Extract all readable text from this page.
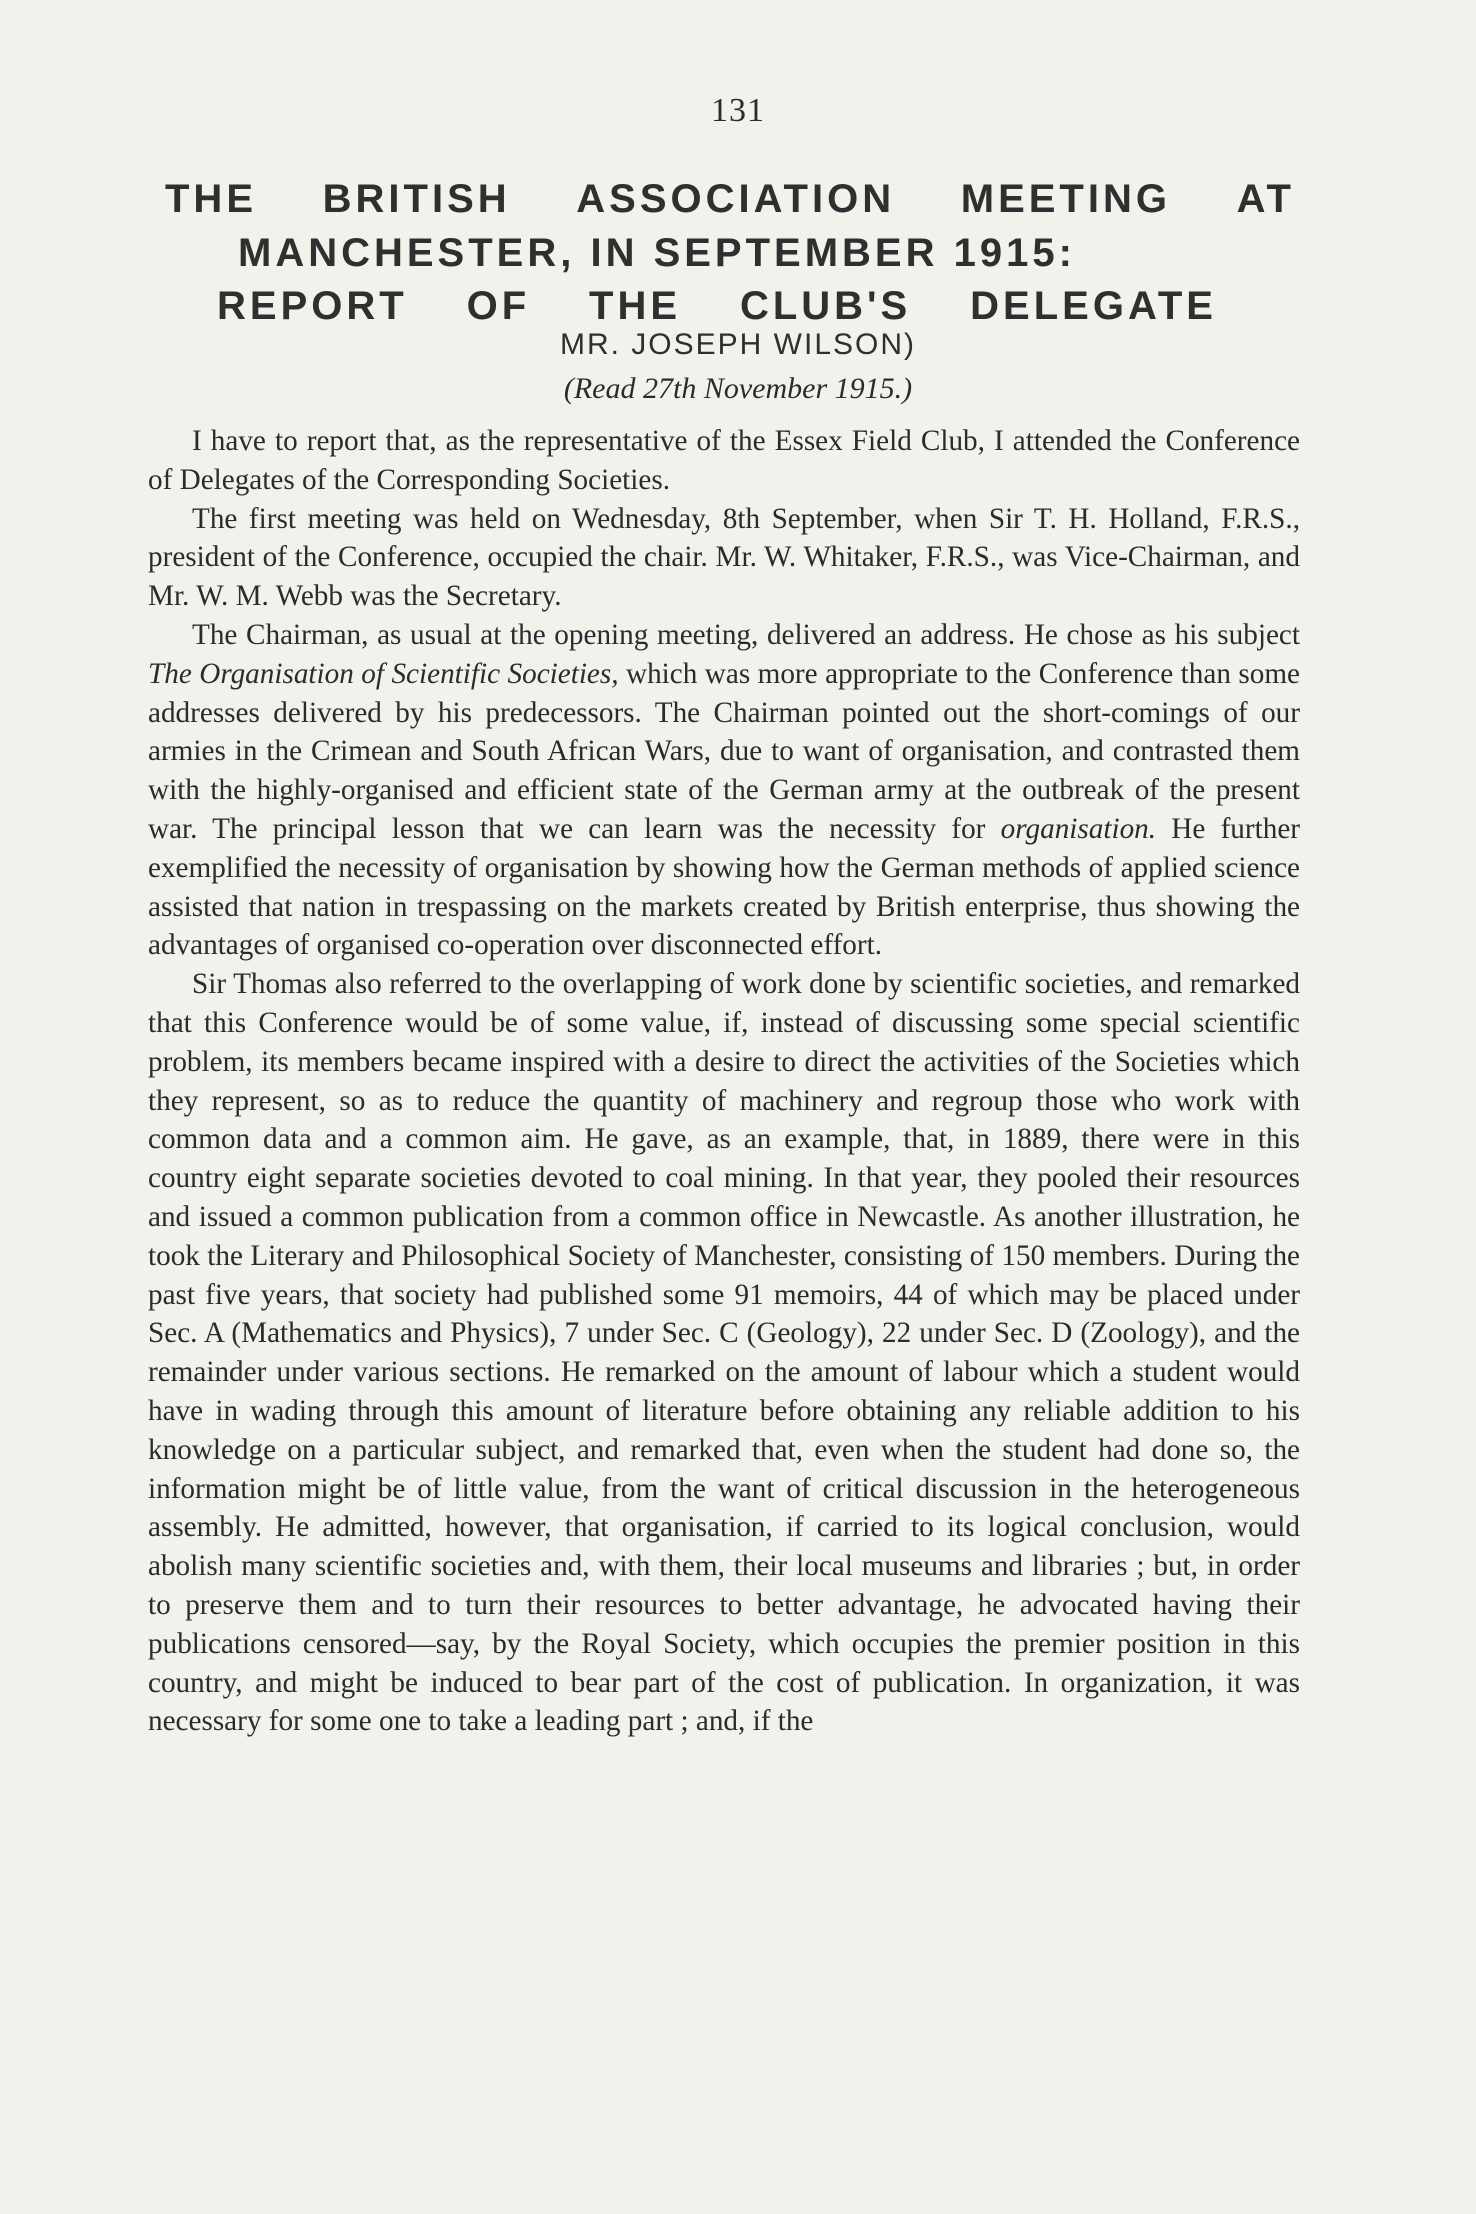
131
THE BRITISH ASSOCIATION MEETING AT
MANCHESTER, IN SEPTEMBER 1915:
REPORT OF THE CLUB'S DELEGATE
MR. JOSEPH WILSON)
(Read 27th November 1915.)

I have to report that, as the representative of the Essex Field Club, I attended the Conference of Delegates of the Corresponding Societies.

The first meeting was held on Wednesday, 8th September, when Sir T. H. Holland, F.R.S., president of the Conference, occupied the chair. Mr. W. Whitaker, F.R.S., was Vice-Chairman, and Mr. W. M. Webb was the Secretary.

The Chairman, as usual at the opening meeting, delivered an address. He chose as his subject The Organisation of Scientific Societies, which was more appropriate to the Conference than some addresses delivered by his predecessors. The Chairman pointed out the short-comings of our armies in the Crimean and South African Wars, due to want of organisation, and contrasted them with the highly-organised and efficient state of the German army at the outbreak of the present war. The principal lesson that we can learn was the necessity for organisation. He further exemplified the necessity of organisation by showing how the German methods of applied science assisted that nation in trespassing on the markets created by British enterprise, thus showing the advantages of organised co-operation over disconnected effort.

Sir Thomas also referred to the overlapping of work done by scientific societies, and remarked that this Conference would be of some value, if, instead of discussing some special scientific problem, its members became inspired with a desire to direct the activities of the Societies which they represent, so as to reduce the quantity of machinery and regroup those who work with common data and a common aim. He gave, as an example, that, in 1889, there were in this country eight separate societies devoted to coal mining. In that year, they pooled their resources and issued a common publication from a common office in Newcastle. As another illustration, he took the Literary and Philosophical Society of Manchester, consisting of 150 members. During the past five years, that society had published some 91 memoirs, 44 of which may be placed under Sec. A (Mathematics and Physics), 7 under Sec. C (Geology), 22 under Sec. D (Zoology), and the remainder under various sections. He remarked on the amount of labour which a student would have in wading through this amount of literature before obtaining any reliable addition to his knowledge on a particular subject, and remarked that, even when the student had done so, the information might be of little value, from the want of critical discussion in the heterogeneous assembly. He admitted, however, that organisation, if carried to its logical conclusion, would abolish many scientific societies and, with them, their local museums and libraries ; but, in order to preserve them and to turn their resources to better advantage, he advocated having their publications censored—say, by the Royal Society, which occupies the premier position in this country, and might be induced to bear part of the cost of publication. In organization, it was necessary for some one to take a leading part ; and, if the
